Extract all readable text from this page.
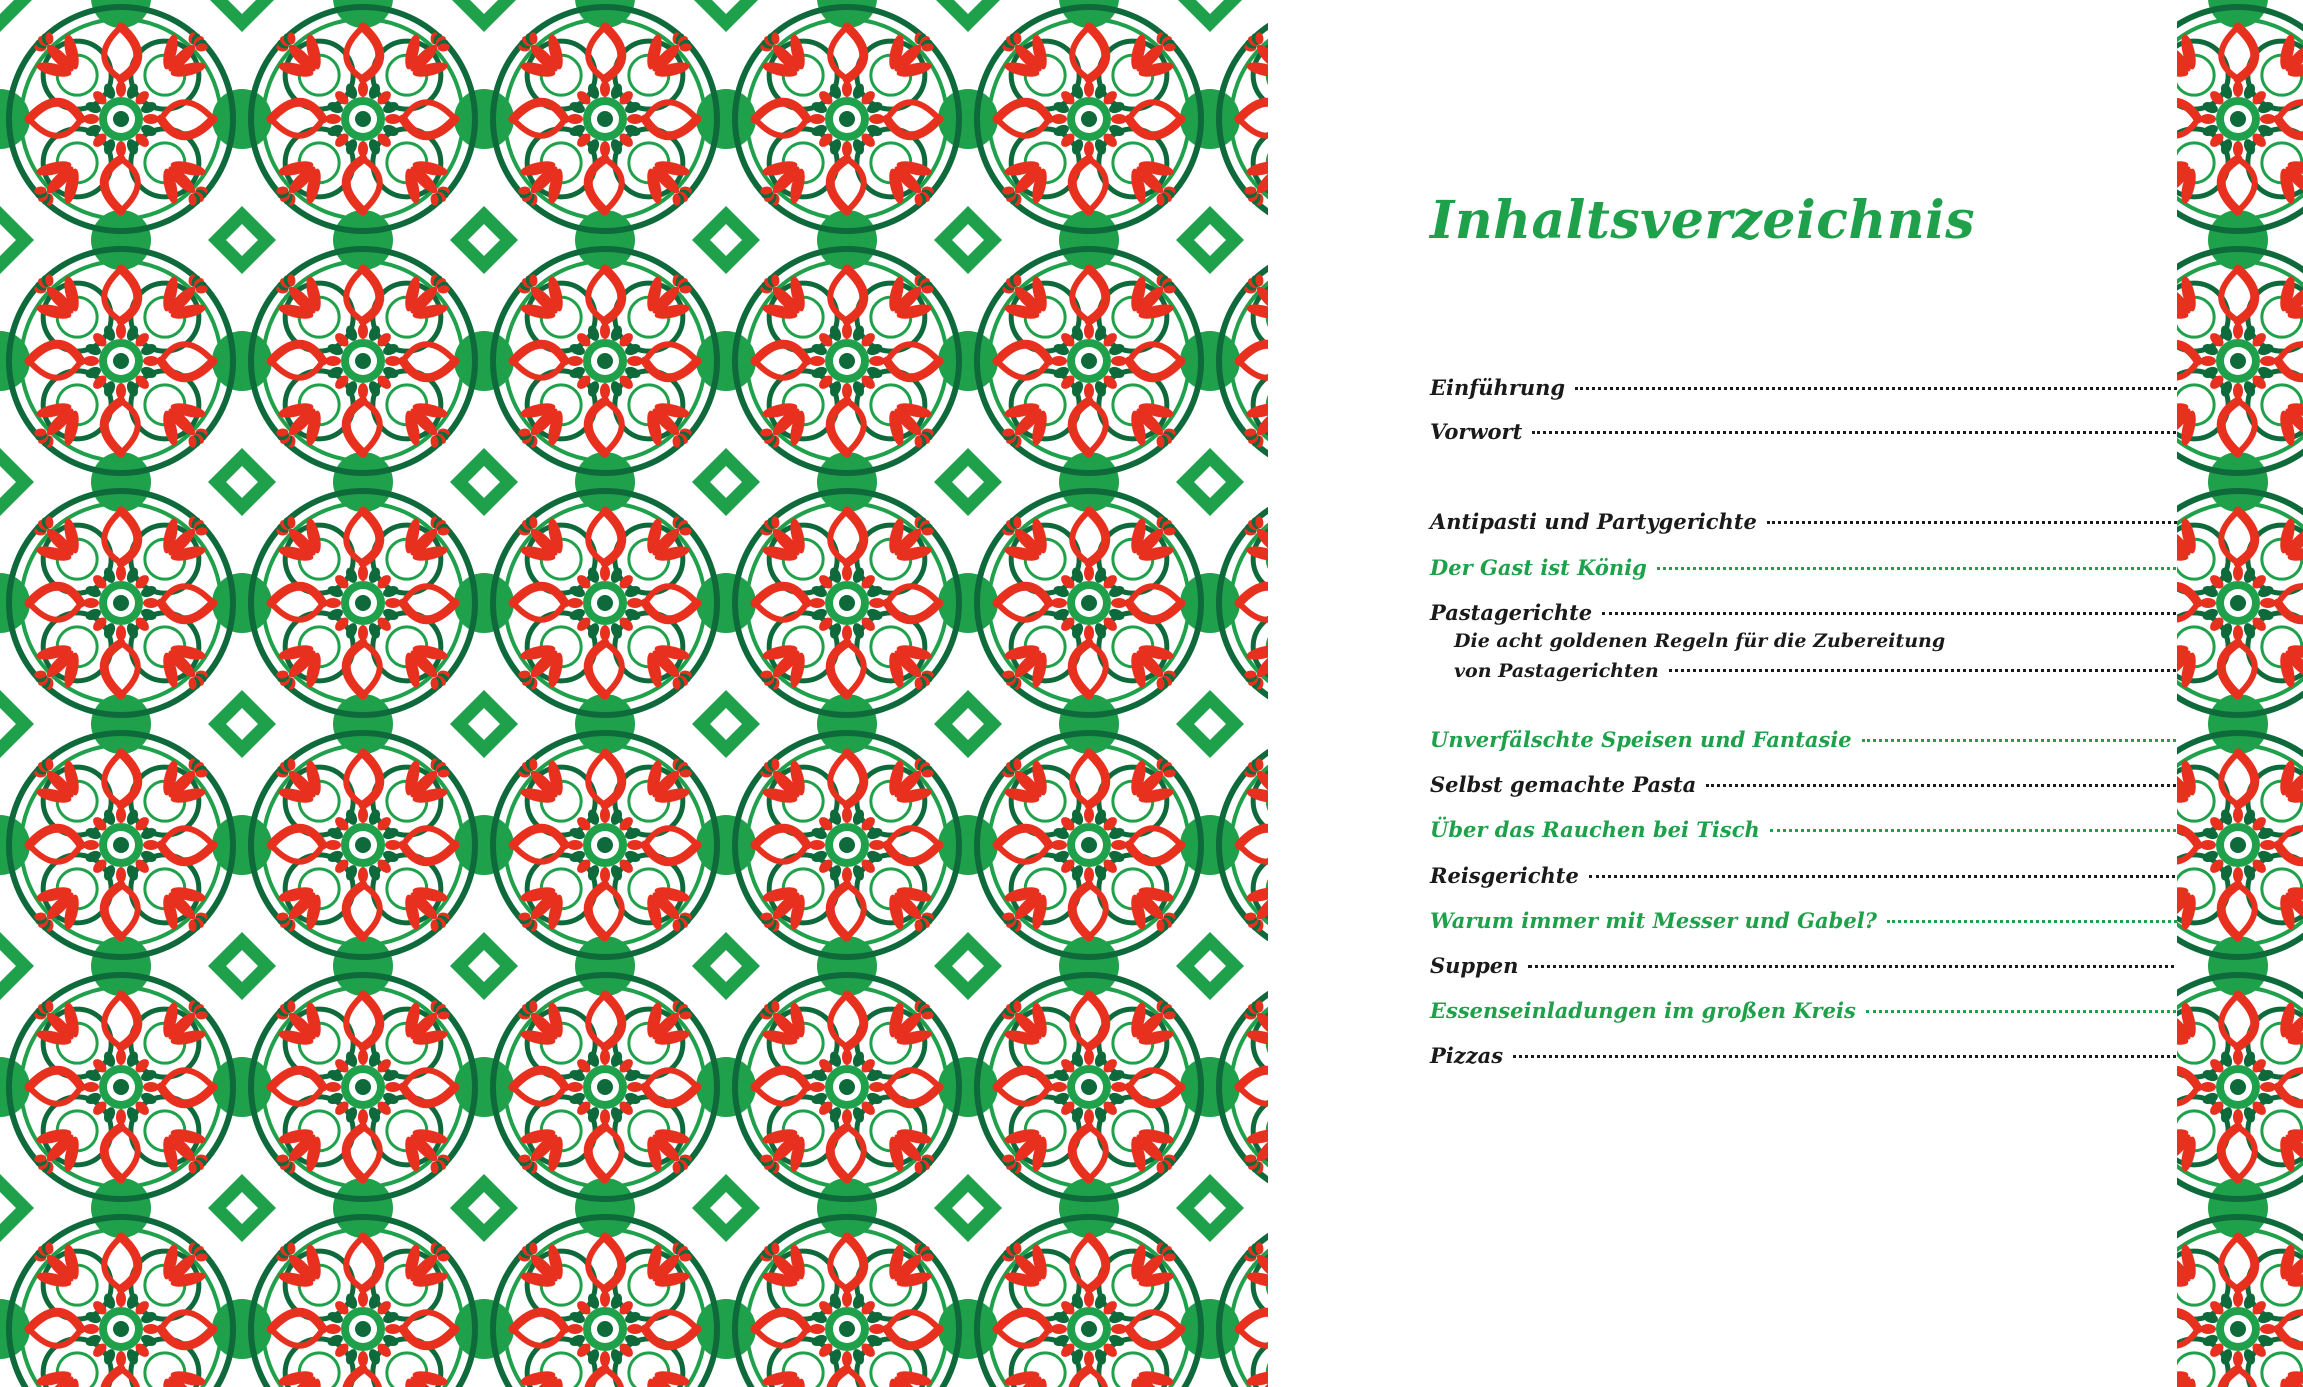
Inhaltsverzeichnis
Einführung
Vorwort
Antipasti und Partygerichte
Der Gast ist König
Pastagerichte
Die acht goldenen Regeln für die Zubereitung
von Pastagerichten
Unverfälschte Speisen und Fantasie
Selbst gemachte Pasta
Über das Rauchen bei Tisch
Reisgerichte
Warum immer mit Messer und Gabel?
Suppen
Essenseinladungen im großen Kreis
Pizzas
